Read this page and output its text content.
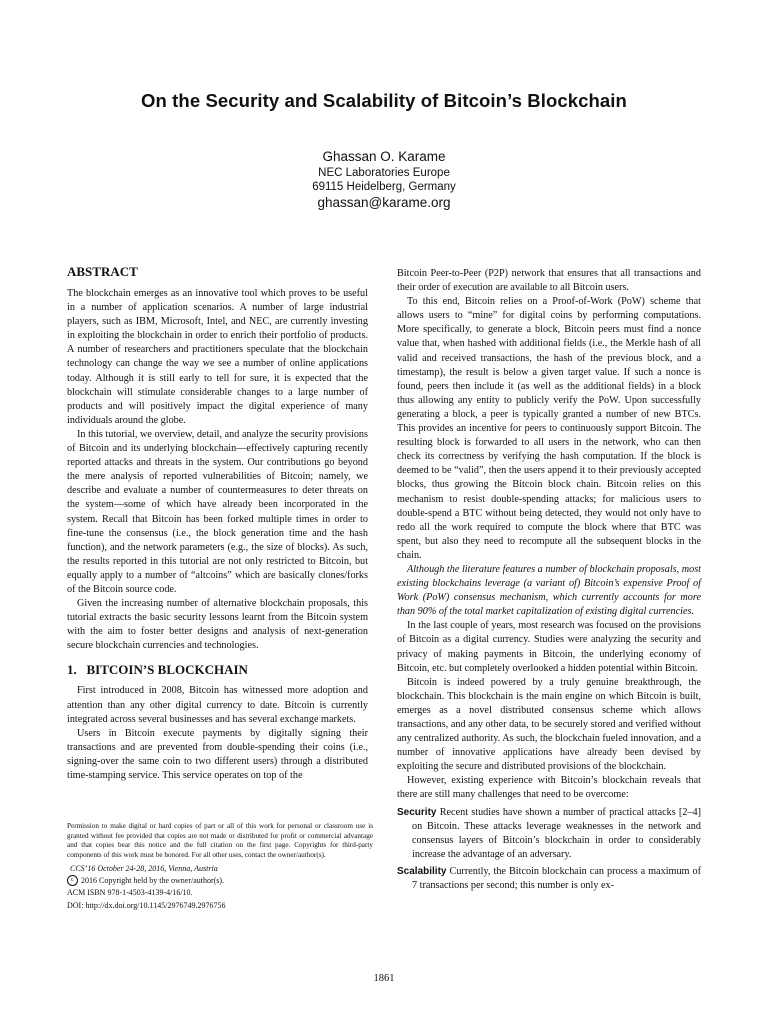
On the Security and Scalability of Bitcoin’s Blockchain
Ghassan O. Karame
NEC Laboratories Europe
69115 Heidelberg, Germany
ghassan@karame.org
ABSTRACT

The blockchain emerges as an innovative tool which proves to be useful in a number of application scenarios. A number of large industrial players, such as IBM, Microsoft, Intel, and NEC, are currently investing in exploiting the blockchain in order to enrich their portfolio of products. A number of researchers and practitioners speculate that the blockchain technology can change the way we see a number of online applications today. Although it is still early to tell for sure, it is expected that the blockchain will stimulate considerable changes to a large number of products and will positively impact the digital experience of many individuals around the globe.

In this tutorial, we overview, detail, and analyze the security provisions of Bitcoin and its underlying blockchain—effectively capturing recently reported attacks and threats in the system. Our contributions go beyond the mere analysis of reported vulnerabilities of Bitcoin; namely, we describe and evaluate a number of countermeasures to deter threats on the system—some of which have already been incorporated in the system. Recall that Bitcoin has been forked multiple times in order to fine-tune the consensus (i.e., the block generation time and the hash function), and the network parameters (e.g., the size of blocks). As such, the results reported in this tutorial are not only restricted to Bitcoin, but equally apply to a number of “altcoins” which are basically clones/forks of the Bitcoin source code.

Given the increasing number of alternative blockchain proposals, this tutorial extracts the basic security lessons learnt from the Bitcoin system with the aim to foster better designs and analysis of next-generation secure blockchain currencies and technologies.

1.   BITCOIN’S BLOCKCHAIN

First introduced in 2008, Bitcoin has witnessed more adoption and attention than any other digital currency to date. Bitcoin is currently integrated across several businesses and has several exchange markets.

Users in Bitcoin execute payments by digitally signing their transactions and are prevented from double-spending their coins (i.e., signing-over the same coin to two different users) through a distributed time-stamping service. This service operates on top of the

Bitcoin Peer-to-Peer (P2P) network that ensures that all transactions and their order of execution are available to all Bitcoin users.

To this end, Bitcoin relies on a Proof-of-Work (PoW) scheme that allows users to “mine” for digital coins by performing computations. More specifically, to generate a block, Bitcoin peers must find a nonce value that, when hashed with additional fields (i.e., the Merkle hash of all valid and received transactions, the hash of the previous block, and a timestamp), the result is below a given target value. If such a nonce is found, peers then include it (as well as the additional fields) in a block thus allowing any entity to publicly verify the PoW. Upon successfully generating a block, a peer is typically granted a number of new BTCs. This provides an incentive for peers to continuously support Bitcoin. The resulting block is forwarded to all users in the network, who can then check its correctness by verifying the hash computation. If the block is deemed to be “valid”, then the users append it to their previously accepted blocks, thus growing the Bitcoin block chain. Bitcoin relies on this mechanism to resist double-spending attacks; for malicious users to double-spend a BTC without being detected, they would not only have to redo all the work required to compute the block where that BTC was spent, but also they need to recompute all the subsequent blocks in the chain.

Although the literature features a number of blockchain proposals, most existing blockchains leverage (a variant of) Bitcoin’s expensive Proof of Work (PoW) consensus mechanism, which currently accounts for more than 90% of the total market capitalization of existing digital currencies.

In the last couple of years, most research was focused on the provisions of Bitcoin as a digital currency. Studies were analyzing the security and privacy of making payments in Bitcoin, the underlying economy of Bitcoin, etc. but completely overlooked a hidden potential within Bitcoin.

Bitcoin is indeed powered by a truly genuine breakthrough, the blockchain. This blockchain is the main engine on which Bitcoin is built, emerges as a novel distributed consensus scheme which allows transactions, and any other data, to be securely stored and verified without any centralized authority. As such, the blockchain fueled innovation, and a number of innovative applications have already been devised by exploiting the secure and distributed provisions of the blockchain.

However, existing experience with Bitcoin’s blockchain reveals that there are still many challenges that need to be overcome:

Security Recent studies have shown a number of practical attacks [2–4] on Bitcoin. These attacks leverage weaknesses in the network and consensus layers of Bitcoin’s blockchain in order to considerably increase the advantage of an adversary.
Scalability Currently, the Bitcoin blockchain can process a maximum of 7 transactions per second; this number is only ex-

Permission to make digital or hard copies of part or all of this work for personal or classroom use is granted without fee provided that copies are not made or distributed for profit or commercial advantage and that copies bear this notice and the full citation on the first page. Copyrights for third-party components of this work must be honored. For all other uses, contact the owner/author(s).

CCS’16 October 24-28, 2016, Vienna, Austria
c 2016 Copyright held by the owner/author(s).
ACM ISBN 978-1-4503-4139-4/16/10.
DOI: http://dx.doi.org/10.1145/2976749.2976756
1861
